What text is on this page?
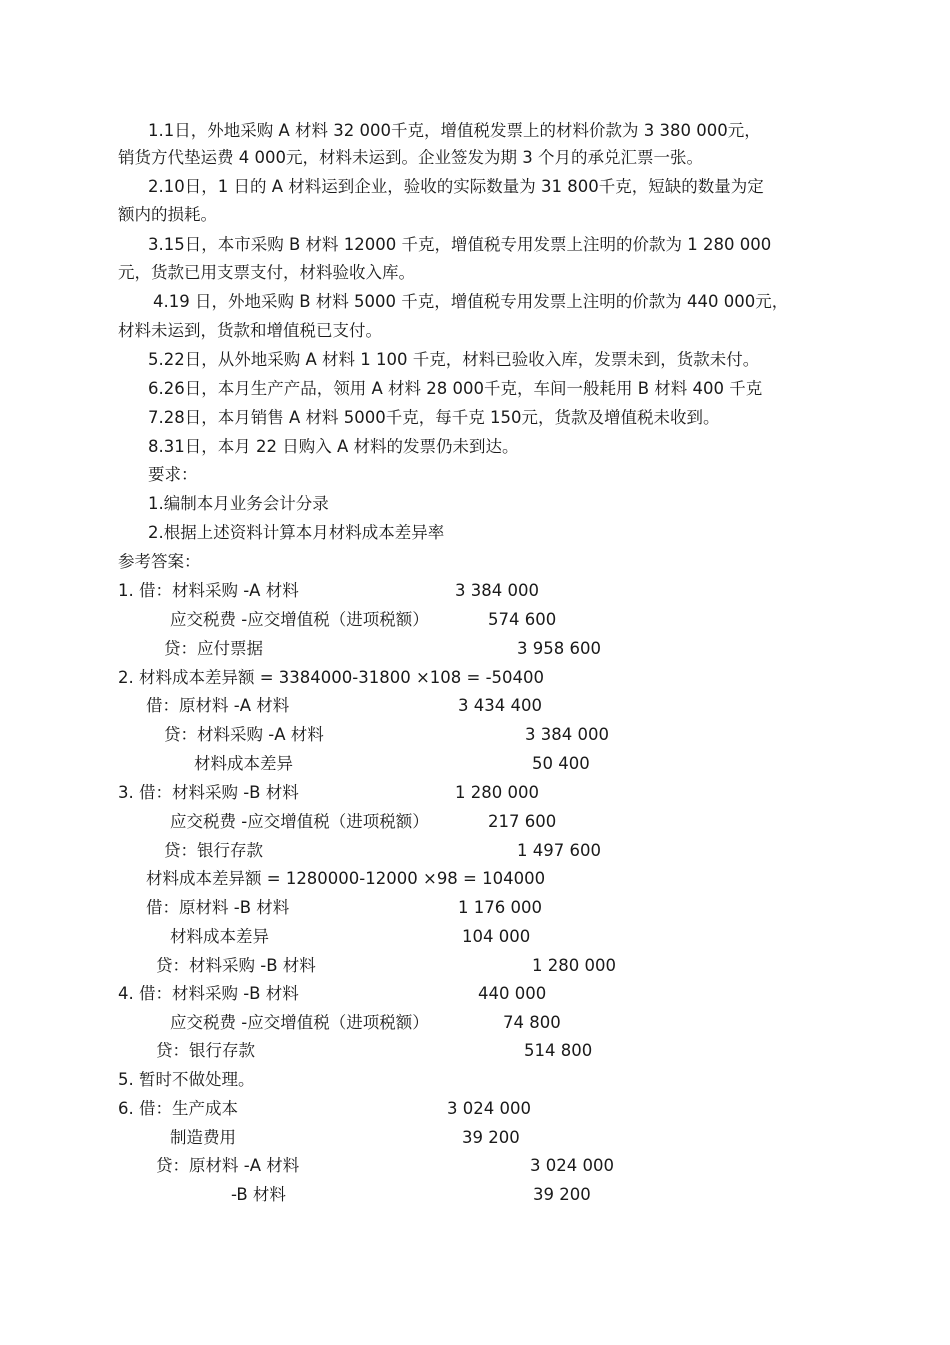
1.1日，外地采购 A 材料 32 000千克，增值税发票上的材料价款为 3 380 000元，
销货方代垫运费 4 000元，材料未运到。企业签发为期 3 个月的承兑汇票一张。
2.10日，1 日的 A 材料运到企业，验收的实际数量为 31 800千克，短缺的数量为定
额内的损耗。
3.15日，本市采购 B 材料 12000 千克，增值税专用发票上注明的价款为 1 280 000
元，货款已用支票支付，材料验收入库。
4.19 日，外地采购 B 材料 5000 千克，增值税专用发票上注明的价款为 440 000元，
材料未运到，货款和增值税已支付。
5.22日，从外地采购 A 材料 1 100 千克，材料已验收入库，发票未到，货款未付。
6.26日，本月生产产品，领用 A 材料 28 000千克，车间一般耗用 B 材料 400 千克
7.28日，本月销售 A 材料 5000千克，每千克 150元，货款及增值税未收到。
8.31日，本月 22 日购入 A 材料的发票仍未到达。
要求：
1.编制本月业务会计分录
2.根据上述资料计算本月材料成本差异率
参考答案：
1. 借：材料采购 -A 材料	3 384 000
应交税费 -应交增值税（进项税额）	574 600
贷：应付票据	3 958 600
2. 材料成本差异额 = 3384000-31800 ×108 = -50400
借：原材料 -A 材料	3 434 400
贷：材料采购 -A 材料	3 384 000
材料成本差异	50 400
3. 借：材料采购 -B 材料	1 280 000
应交税费 -应交增值税（进项税额）	217 600
贷：银行存款	1 497 600
材料成本差异额 = 1280000-12000 ×98 = 104000
借：原材料 -B 材料	1 176 000
材料成本差异	104 000
贷：材料采购 -B 材料	1 280 000
4. 借：材料采购 -B 材料	440 000
应交税费 -应交增值税（进项税额）	74 800
贷：银行存款	514 800
5. 暂时不做处理。
6. 借：生产成本	3 024 000
制造费用	39 200
贷：原材料 -A 材料	3 024 000
-B 材料	39 200
